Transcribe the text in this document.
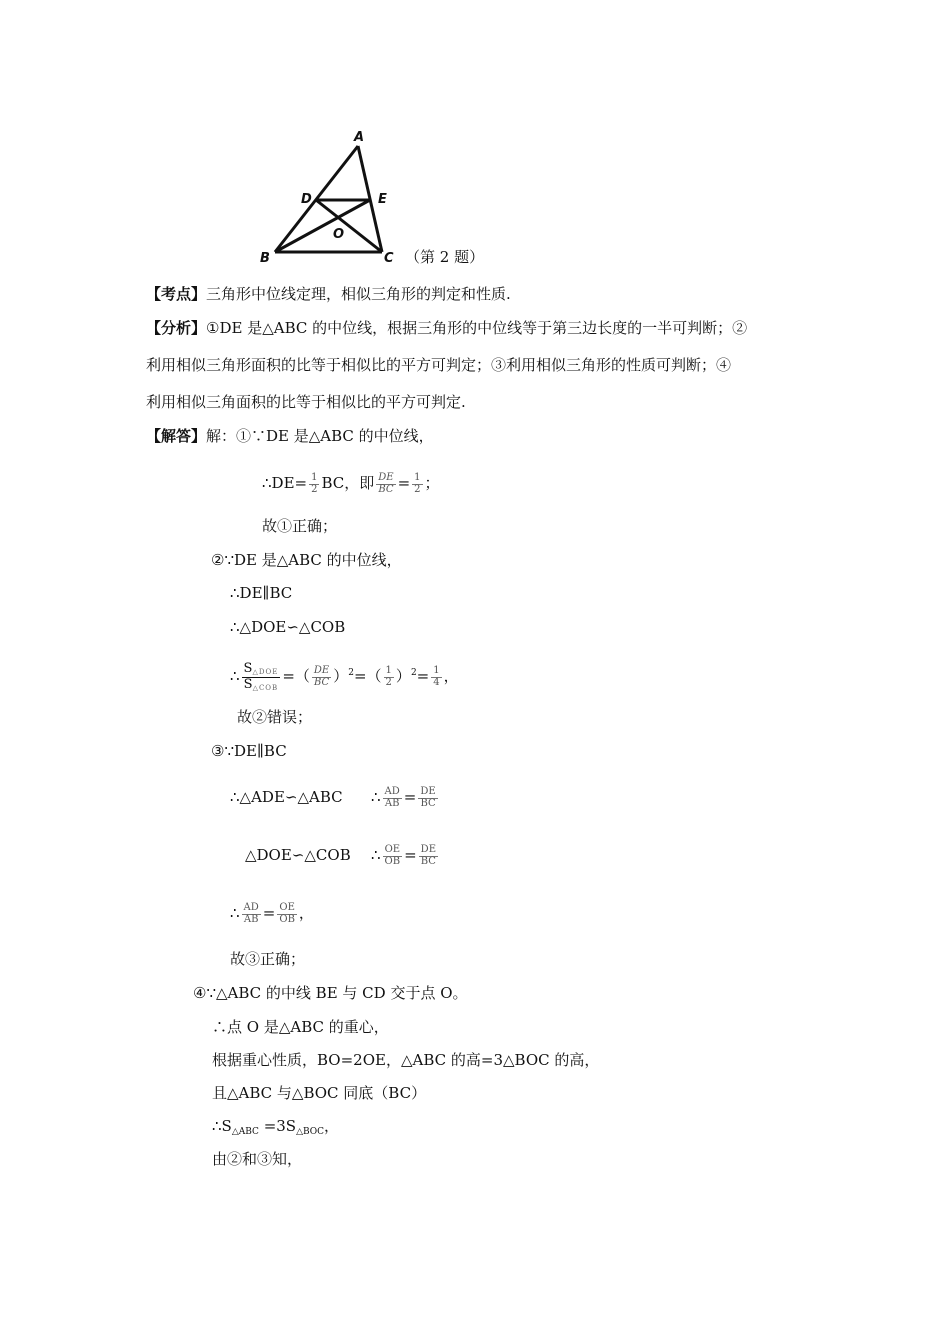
A
D	E
O
B	C （第 2 题）
【考点】三角形中位线定理，相似三角形的判定和性质.
【分析】①DE 是△ABC 的中位线，根据三角形的中位线等于第三边长度的一半可判断；②
利用相似三角形面积的比等于相似比的平方可判定；③利用相似三角形的性质可判断；④
利用相似三角面积的比等于相似比的平方可判定.
【解答】解：①∵DE 是△ABC 的中位线，
∴DE= $\frac{1}{2}$ BC，即 $\frac{DE}{BC} = \frac{1}{2}$ ；
故①正确；
②∵DE 是△ABC 的中位线，
∴DE∥BC
∴△DOE∽△COB
∴ $\frac{S_{\triangle DOE}}{S_{\triangle COB}}$ =（ $\frac{DE}{BC} )^2=( \frac{1}{2} )^2= \frac{1}{4}$ ，
故②错误；
③∵DE∥BC
∴△ADE∽△ABC ∴ $\frac{AD}{AB} = \frac{DE}{BC}$
△DOE∽△COB ∴ $\frac{OE}{OB} = \frac{DE}{BC}$
∴ $\frac{AD}{AB} = \frac{OE}{OB}$ ，
故③正确；
④∵△ABC 的中线 BE 与 CD 交于点 O。
∴点 O 是△ABC 的重心，
根据重心性质，BO=2OE，△ABC 的高=3△BOC 的高，
且△ABC 与△BOC 同底（BC）
$\therefore S_{\triangle ABC} =3S_{\triangle BOC}$，
由②和③知，
